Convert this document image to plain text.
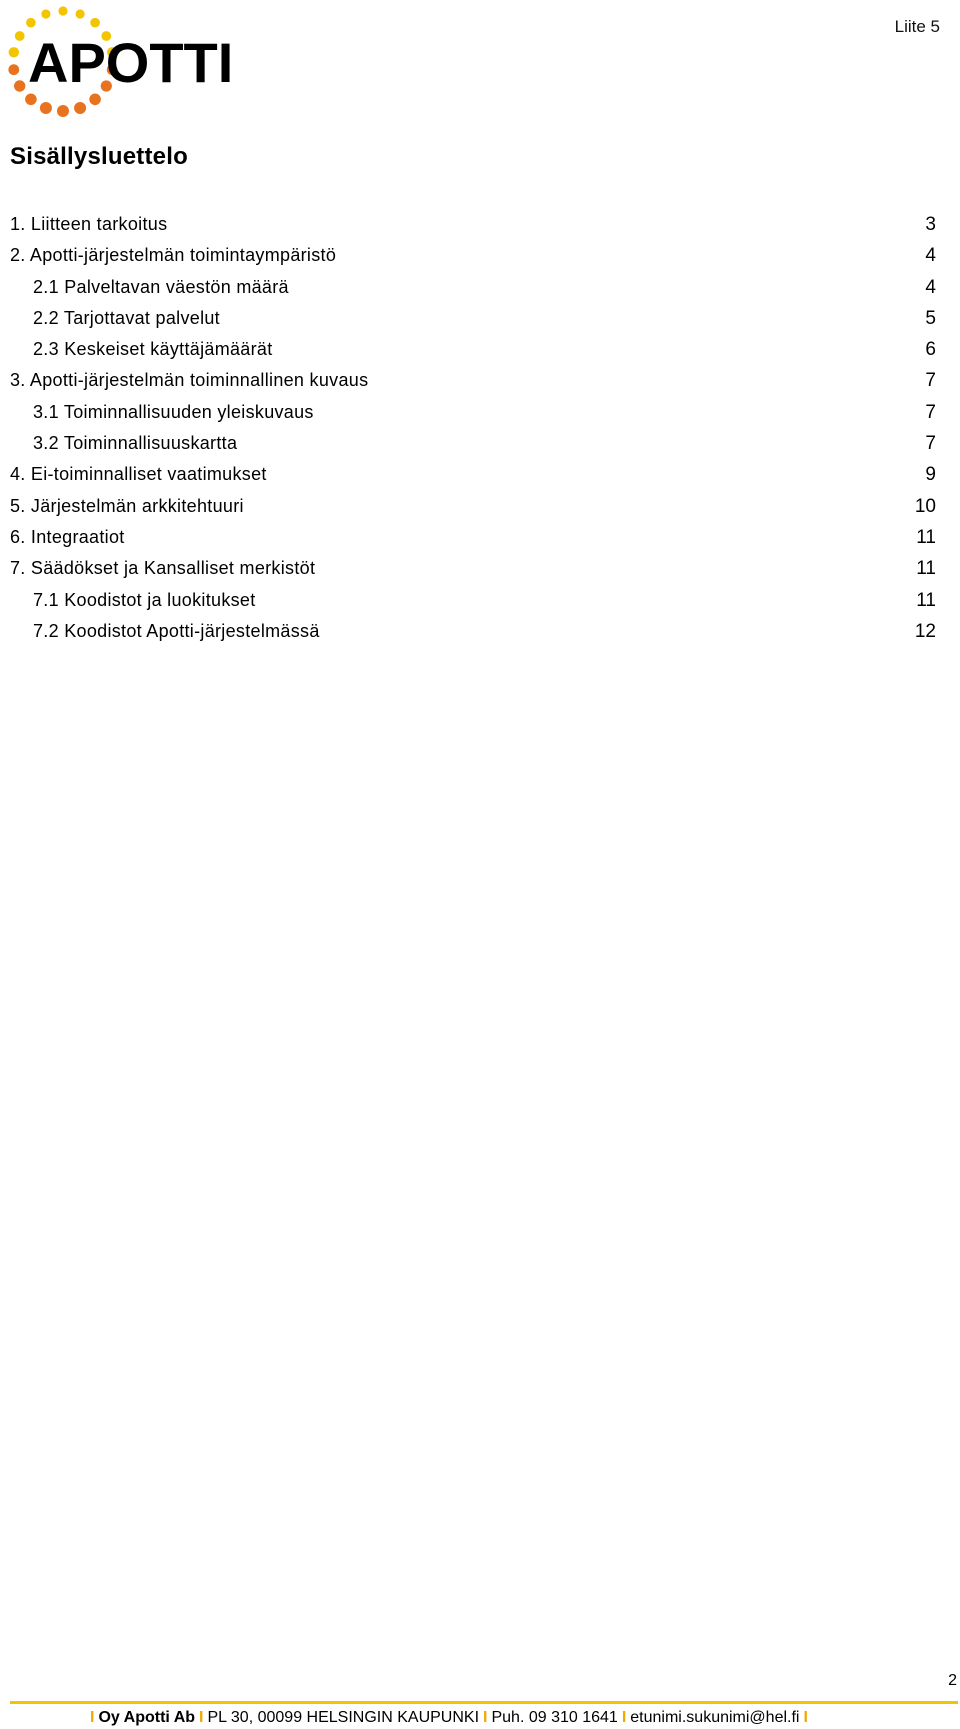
APOTTI
Liite 5
Sisällysluettelo
1. Liitteen tarkoitus	3
2. Apotti-järjestelmän toimintaympäristö	4
2.1 Palveltavan väestön määrä	4
2.2 Tarjottavat palvelut	5
2.3 Keskeiset käyttäjämäärät	6
3. Apotti-järjestelmän toiminnallinen kuvaus	7
3.1 Toiminnallisuuden yleiskuvaus	7
3.2 Toiminnallisuuskartta	7
4. Ei-toiminnalliset vaatimukset	9
5. Järjestelmän arkkitehtuuri	10
6. Integraatiot	11
7. Säädökset ja Kansalliset merkistöt	11
7.1 Koodistot ja luokitukset	11
7.2 Koodistot Apotti-järjestelmässä	12
2
I Oy Apotti Ab I PL 30, 00099 HELSINGIN KAUPUNKI I Puh. 09 310 1641 I etunimi.sukunimi@hel.fi I
